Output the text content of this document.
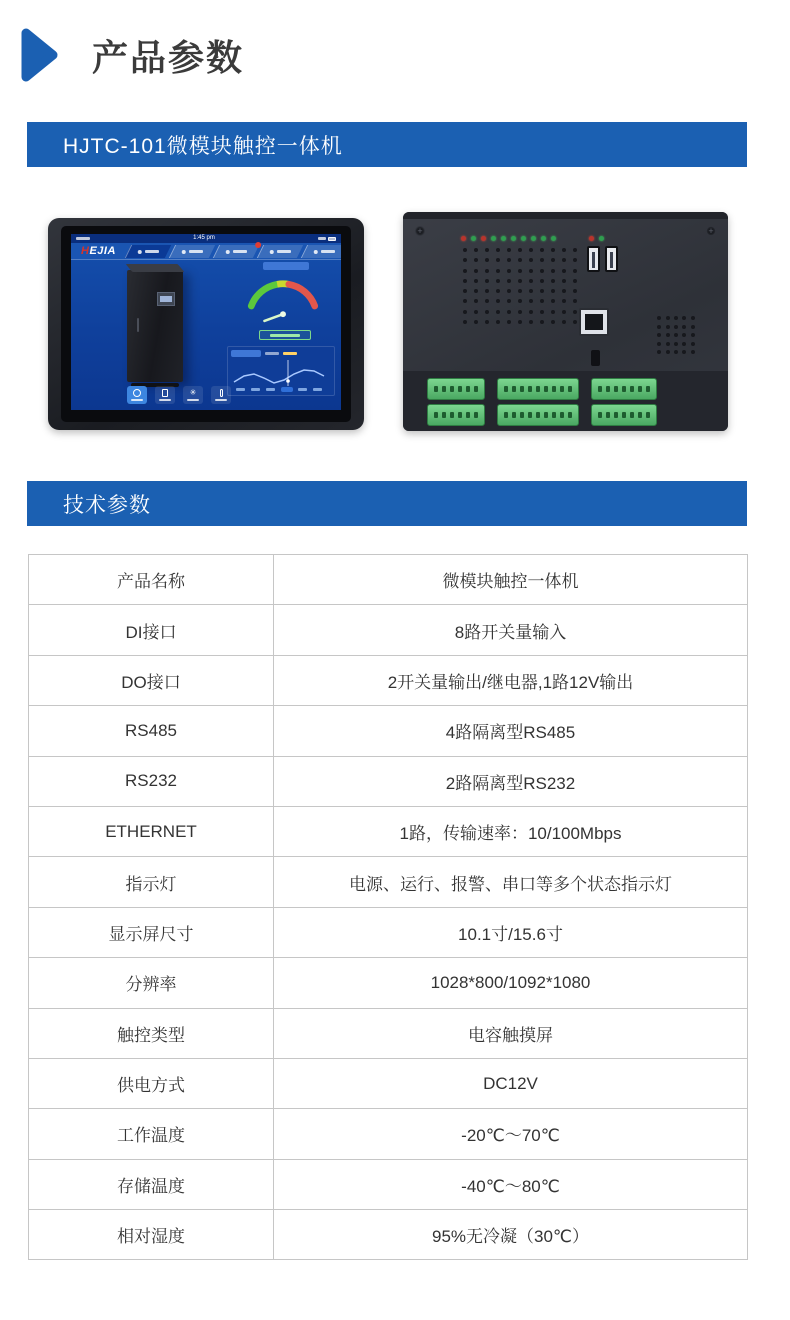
产品参数
HJTC-101微模块触控一体机
1:45 pm
HEJIA
✳
+	+
技术参数
产品名称	微模块触控一体机
DI接口	8路开关量输入
DO接口	2开关量输出/继电器,1路12V输出
RS485	4路隔离型RS485
RS232	2路隔离型RS232
ETHERNET	1路，传输速率：10/100Mbps
指示灯	电源、运行、报警、串口等多个状态指示灯
显示屏尺寸	10.1寸/15.6寸
分辨率	1028*800/1092*1080
触控类型	电容触摸屏
供电方式	DC12V
工作温度	-20℃～70℃
存储温度	-40℃～80℃
相对湿度	95%无冷凝（30℃）
